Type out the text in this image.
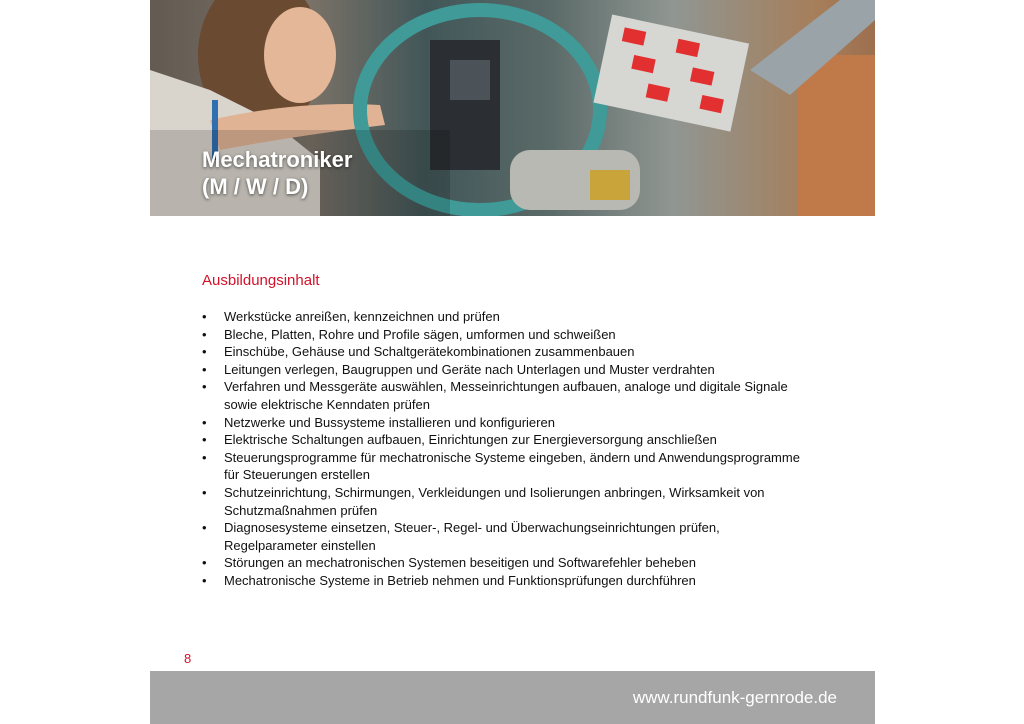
Mechatroniker
(M / W / D)
Ausbildungsinhalt
• Werkstücke anreißen, kennzeichnen und prüfen
• Bleche, Platten, Rohre und Profile sägen, umformen und schweißen
• Einschübe, Gehäuse und Schaltgerätekombinationen zusammenbauen
• Leitungen verlegen, Baugruppen und Geräte nach Unterlagen und Muster verdrahten
• Verfahren und Messgeräte auswählen, Messeinrichtungen aufbauen, analoge und digitale Signale sowie elektrische Kenndaten prüfen
• Netzwerke und Bussysteme installieren und konfigurieren
• Elektrische Schaltungen aufbauen, Einrichtungen zur Energieversorgung anschließen
• Steuerungsprogramme für mechatronische Systeme eingeben, ändern und Anwendungsprogramme für Steuerungen erstellen
• Schutzeinrichtung, Schirmungen, Verkleidungen und Isolierungen anbringen, Wirksamkeit von Schutzmaßnahmen prüfen
• Diagnosesysteme einsetzen, Steuer-, Regel- und Überwachungseinrichtungen prüfen, Regelparameter einstellen
• Störungen an mechatronischen Systemen beseitigen und Softwarefehler beheben
• Mechatronische Systeme in Betrieb nehmen und Funktionsprüfungen durchführen
8
www.rundfunk-gernrode.de
